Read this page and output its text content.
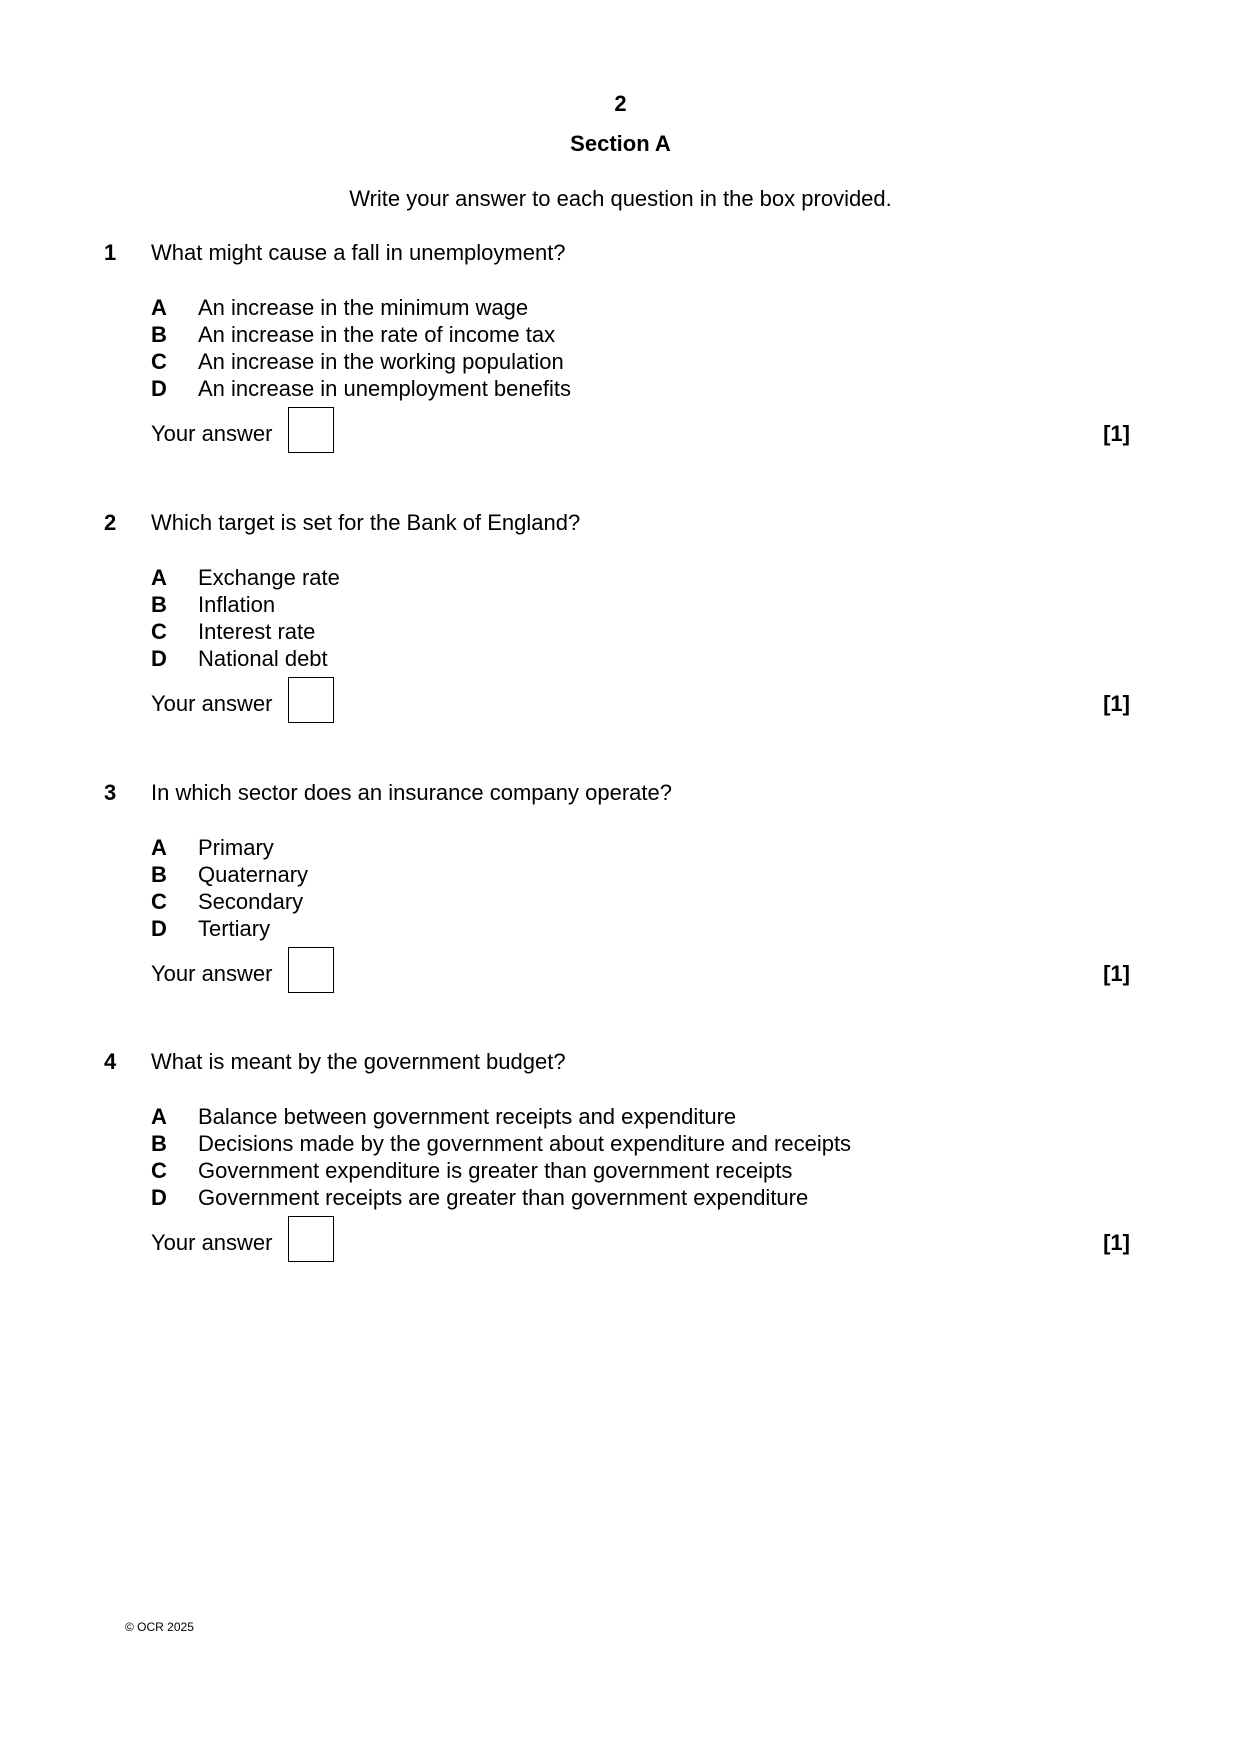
2
Section A
Write your answer to each question in the box provided.
1 What might cause a fall in unemployment?
A An increase in the minimum wage
B An increase in the rate of income tax
C An increase in the working population
D An increase in unemployment benefits
Your answer	[1]
2 Which target is set for the Bank of England?
A Exchange rate
B Inflation
C Interest rate
D National debt
Your answer	[1]
3 In which sector does an insurance company operate?
A Primary
B Quaternary
C Secondary
D Tertiary
Your answer	[1]
4 What is meant by the government budget?
A Balance between government receipts and expenditure
B Decisions made by the government about expenditure and receipts
C Government expenditure is greater than government receipts
D Government receipts are greater than government expenditure
Your answer	[1]
© OCR 2025
